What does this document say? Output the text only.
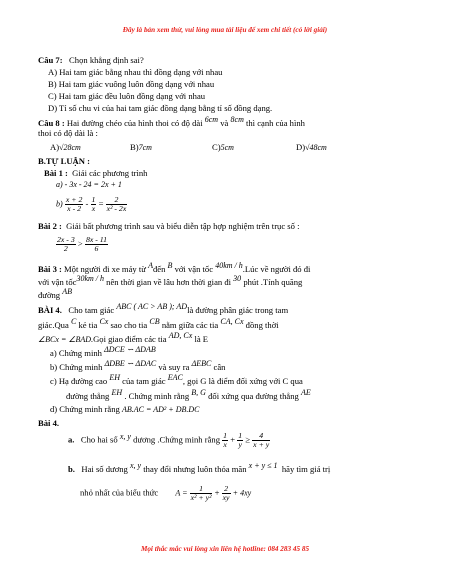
Đây là bản xem thử, vui lòng mua tài liệu để xem chi tiết (có lời giải)
Câu 7: Chọn khẳng định sai?
A) Hai tam giác bằng nhau thì đồng dạng với nhau
B) Hai tam giác vuông luôn đồng dạng với nhau
C) Hai tam giác đều luôn đồng dạng với nhau
D) Tỉ số chu vi của hai tam giác đồng dạng bằng tỉ số đồng dạng.
Câu 8 : Hai đường chéo của hình thoi có độ dài $^{6cm}$ và $^{8cm}$ thì cạnh của hình
thoi có độ dài là :
A)√28cm	B)7cm	C)5cm	D)√48cm
B.TỰ LUẬN :
Bài 1 : Giải các phương trình
a) - 3x - 24 = 2x + 1
$b) \frac{x + 2}{x - 2} - \frac{1}{x} = \frac{2}{\text{x² - 2x}}$
Bài 2 : Giải bất phương trình sau và biểu diễn tập hợp nghiệm trên trục số :
$\frac{2x - 3}{2} > \frac{8x - 11}{6}$
Bài 3 : Một người đi xe máy từ $^A$đến $^B$ với vận tốc $^{40km / h}$.Lúc về người đó đi
với vận tốc$^{30km / h}$ nên thời gian về lâu hơn thời gian đi $^{30}$ phút .Tính quãng
đường $^{AB}$
BÀI 4. Cho tam giác $^{ABC ( AC > AB ); AD}$là đường phân giác trong tam
giác.Qua $^C$ kẻ tia $^{Cx}$ sao cho tia $^{CB}$ nằm giữa các tia $^{CA, Cx}$ đồng thời
∠BCx = ∠BAD.Gọi giao điểm các tia $^{AD, Cx}$ là E
a) Chứng minh $^{\Delta DCE ∽ \Delta DAB}$
b) Chứng minh $^{\Delta DBE ∽ \Delta DAC}$ và suy ra $^{\Delta EBC}$ cân
c) Hạ đường cao $^{EH}$ của tam giác $^{EAC}$, gọi G là điểm đối xứng với C qua
đường thẳng $^{EH}$ . Chứng minh rằng $^{B, G}$ đối xứng qua đường thẳng $^{AE}$
d) Chứng minh rằng AB.AC = AD² + DB.DC
Bài 4.
a. Cho hai số $^{x, y}$ dương .Chứng minh rằng $\frac{1}{x} + \frac{1}{y} \ge \frac{4}{x + y}$
b. Hai số dương $^{x, y}$ thay đổi nhưng luôn thỏa mãn $^{x + y \le 1}$ hãy tìm giá trị
nhỏ nhất của biểu thức $A = \frac{1}{\text{x² + y²}} + \frac{2}{xy} + 4xy$
Mọi thắc mắc vui lòng xin liên hệ hotline: 084 283 45 85
